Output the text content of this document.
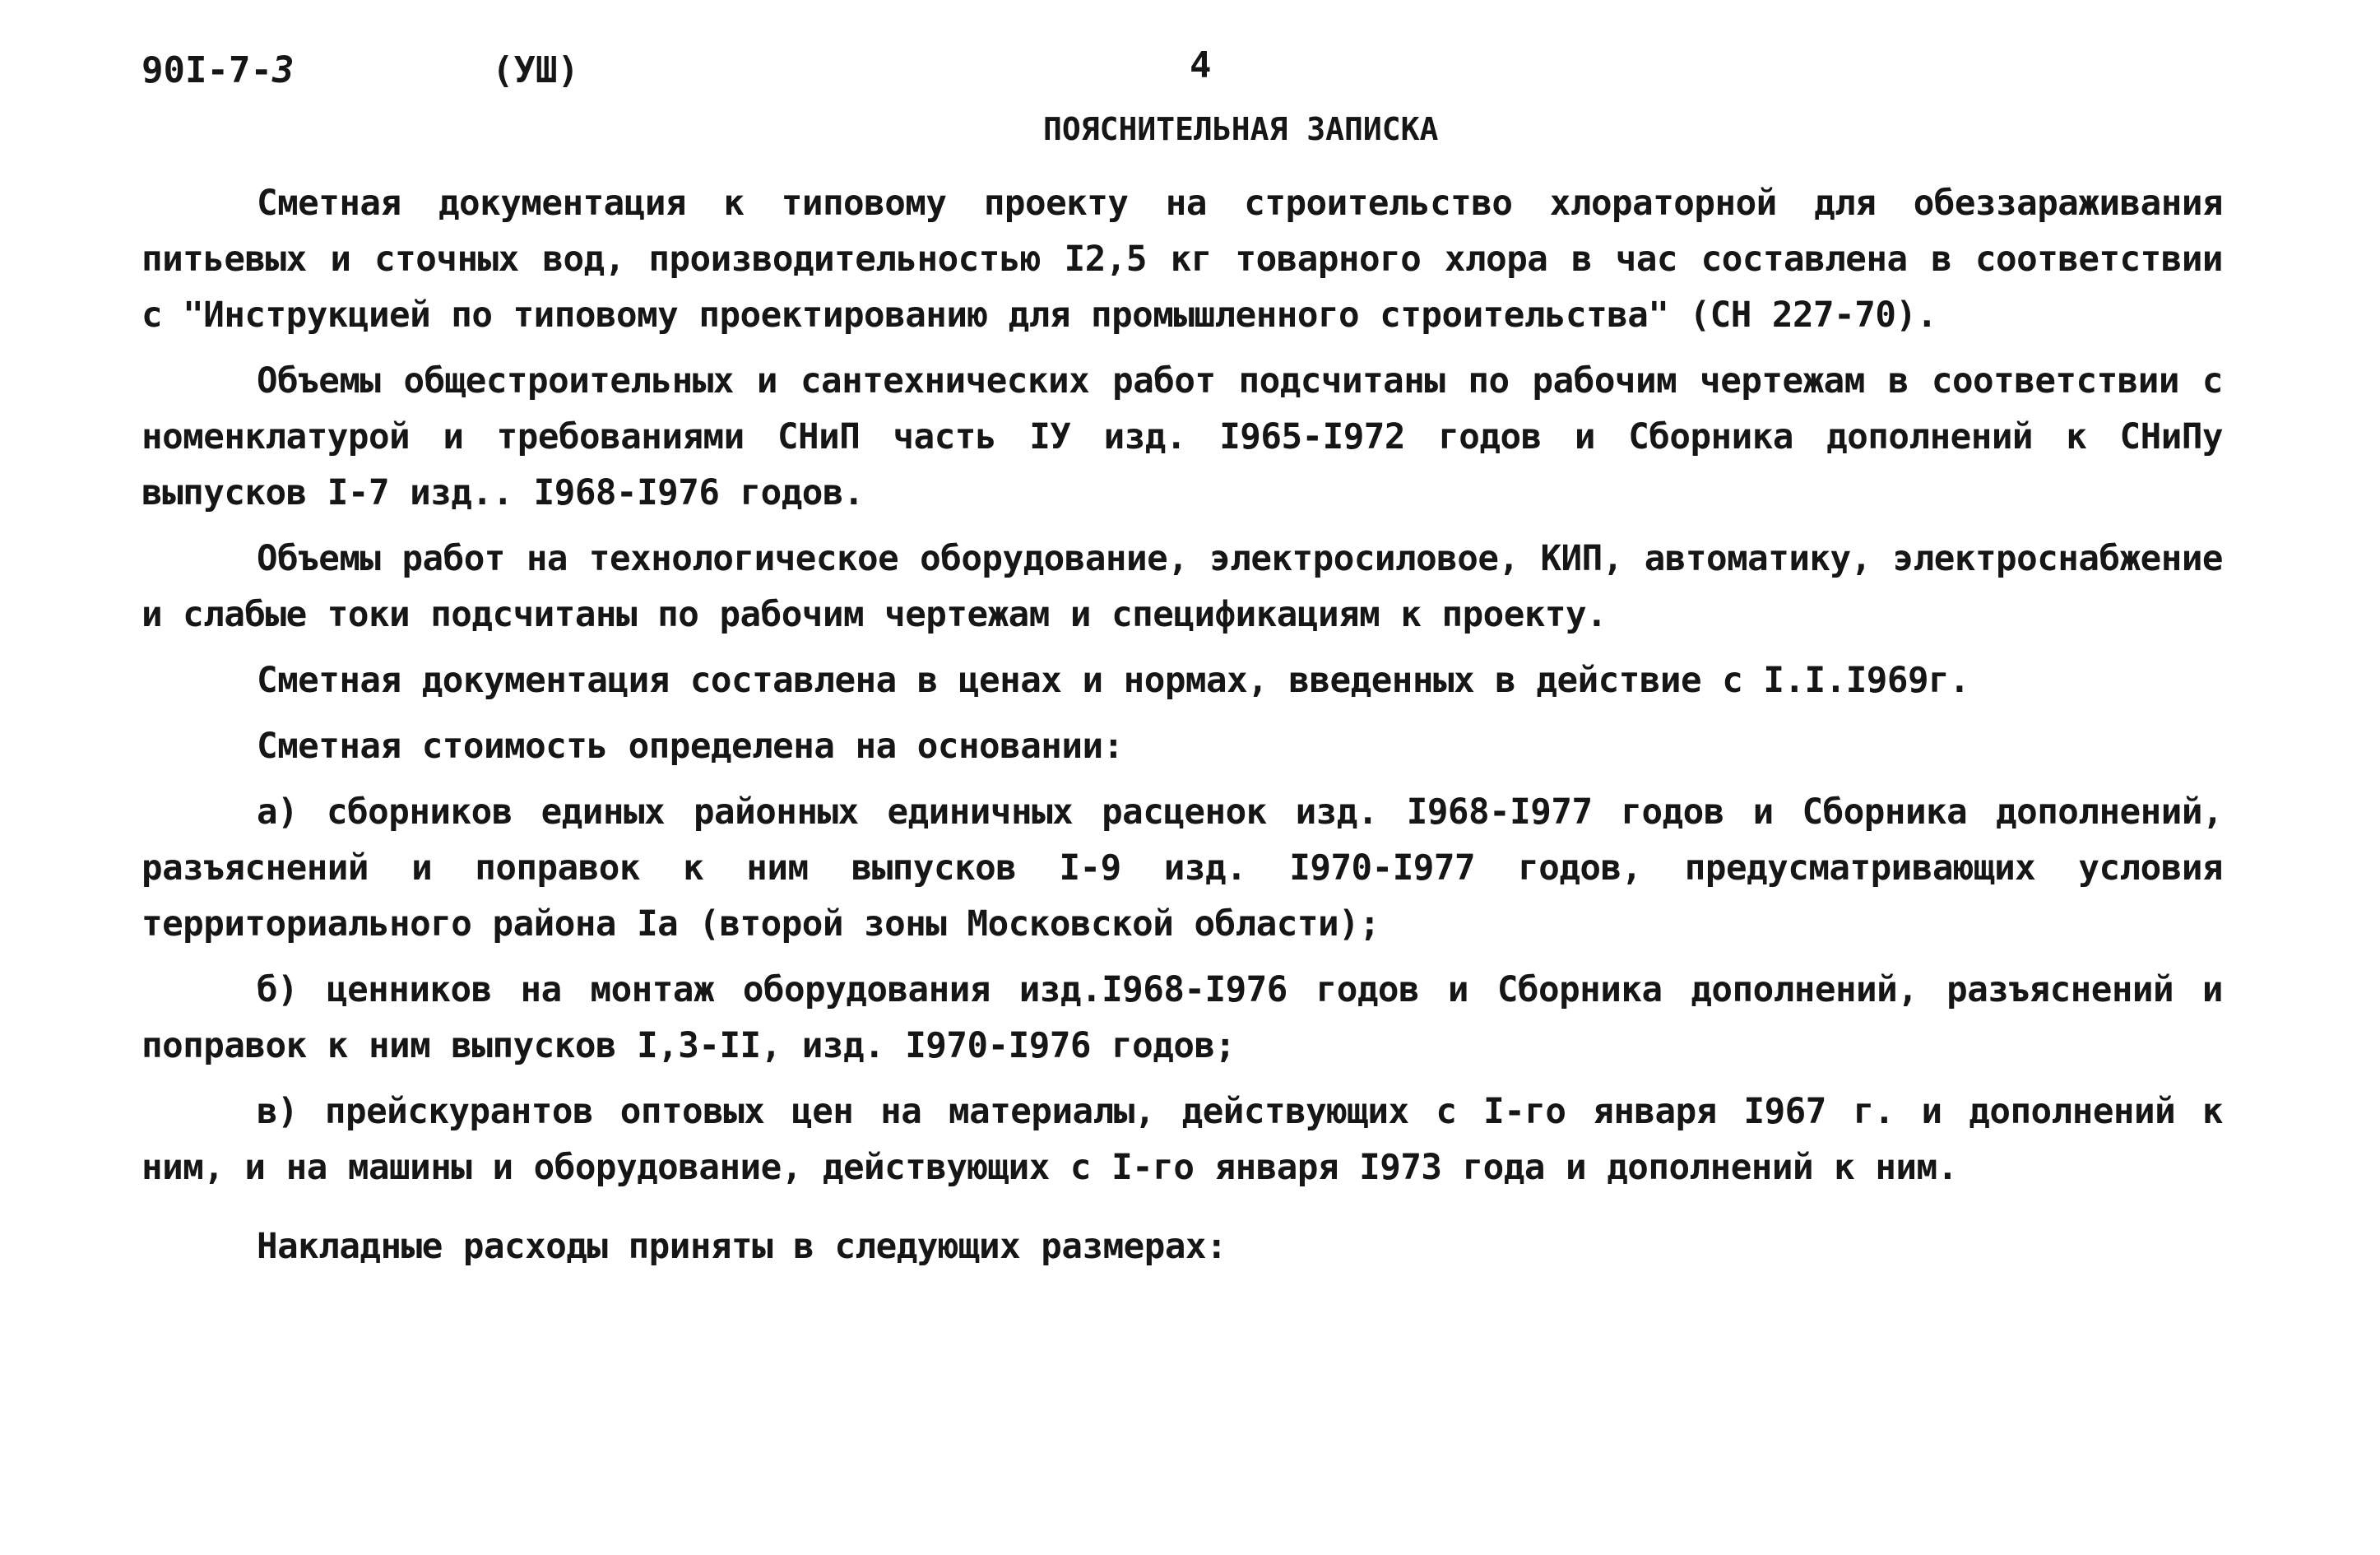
90I-7-3	(УШ)	4
ПОЯСНИТЕЛЬНАЯ ЗАПИСКА

Сметная документация к типовому проекту на строительство хлораторной для обеззараживания питьевых и сточных вод, производительностью I2,5 кг товарного хлора в час составлена в соответствии с "Инструкцией по типовому проектированию для промышленного строительства" (СН 227-70).

Объемы общестроительных и сантехнических работ подсчитаны по рабочим чертежам в соответствии с номенклатурой и требованиями СНиП часть IУ изд. I965-I972 годов и Сборника дополнений к СНиПу выпусков I-7 изд.. I968-I976 годов.

Объемы работ на технологическое оборудование, электросиловое, КИП, автоматику, электроснабжение и слабые токи подсчитаны по рабочим чертежам и спецификациям к проекту.

Сметная документация составлена в ценах и нормах, введенных в действие с I.I.I969г.

Сметная стоимость определена на основании:

а) сборников единых районных единичных расценок изд. I968-I977 годов и Сборника дополнений, разъяснений и поправок к ним выпусков I-9 изд. I970-I977 годов, предусматривающих условия территориального района Iа (второй зоны Московской области);

б) ценников на монтаж оборудования изд.I968-I976 годов и Сборника дополнений, разъяснений и поправок к ним выпусков I,3-II, изд. I970-I976 годов;

в) прейскурантов оптовых цен на материалы, действующих с I-го января I967 г. и дополнений к ним, и на машины и оборудование, действующих с I-го января I973 года и дополнений к ним.

Накладные расходы приняты в следующих размерах:
